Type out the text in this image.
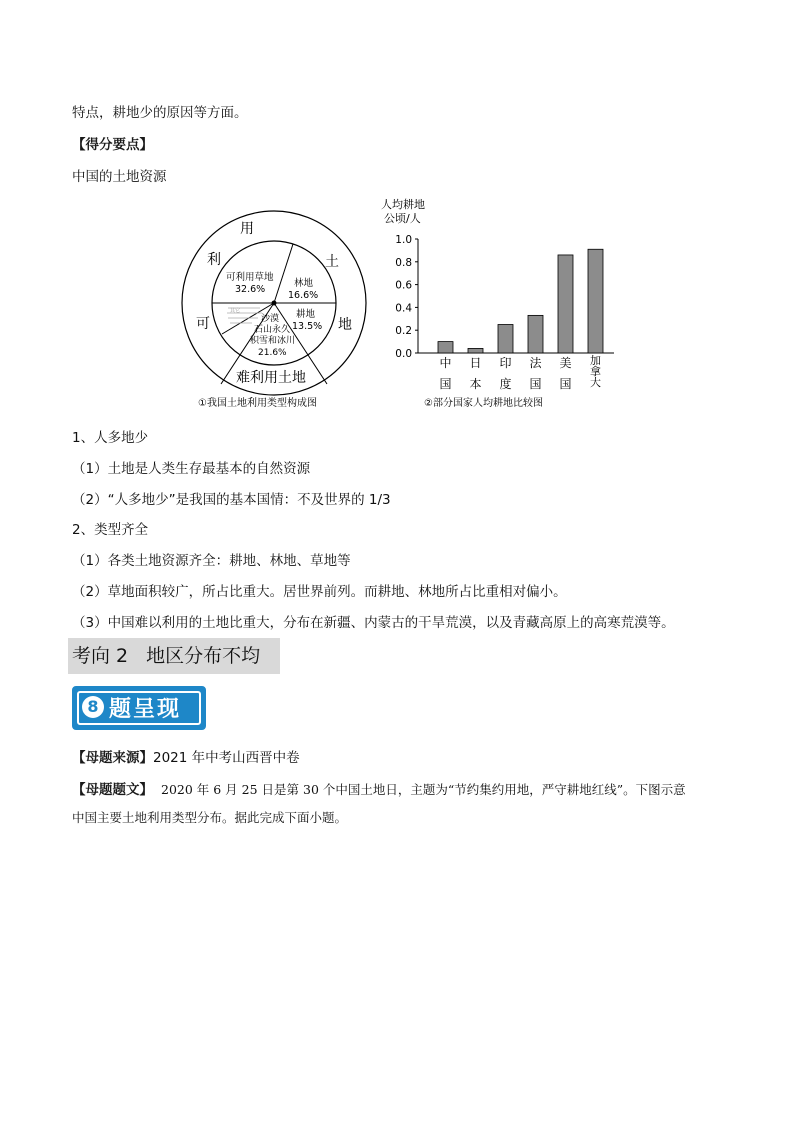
特点，耕地少的原因等方面。
【得分要点】
中国的土地资源
用
土
地
难利用土地
可
利
可利用草地
32.6%
林地
16.6%
耕地
13.5%
沙漠
石山永久
积雪和冰川
21.6%
其它
①我国土地利用类型构成图
人均耕地
公顷/人
0.0
0.2
0.4
0.6
0.8
1.0
中
国
日
本
印
度
法
国
美
国
加
拿
大
②部分国家人均耕地比较图
1、人多地少
（1）土地是人类生存最基本的自然资源
（2）“人多地少”是我国的基本国情：不及世界的 1/3
2、类型齐全
（1）各类土地资源齐全：耕地、林地、草地等
（2）草地面积较广，所占比重大。居世界前列。而耕地、林地所占比重相对偏小。
（3）中国难以利用的土地比重大，分布在新疆、内蒙古的干旱荒漠，以及青藏高原上的高寒荒漠等。
考向 2 地区分布不均
8 题呈现
【母题来源】2021 年中考山西晋中卷
【母题题文】 2020 年 6 月 25 日是第 30 个中国土地日，主题为“节约集约用地，严守耕地红线”。下图示意
中国主要土地利用类型分布。据此完成下面小题。
